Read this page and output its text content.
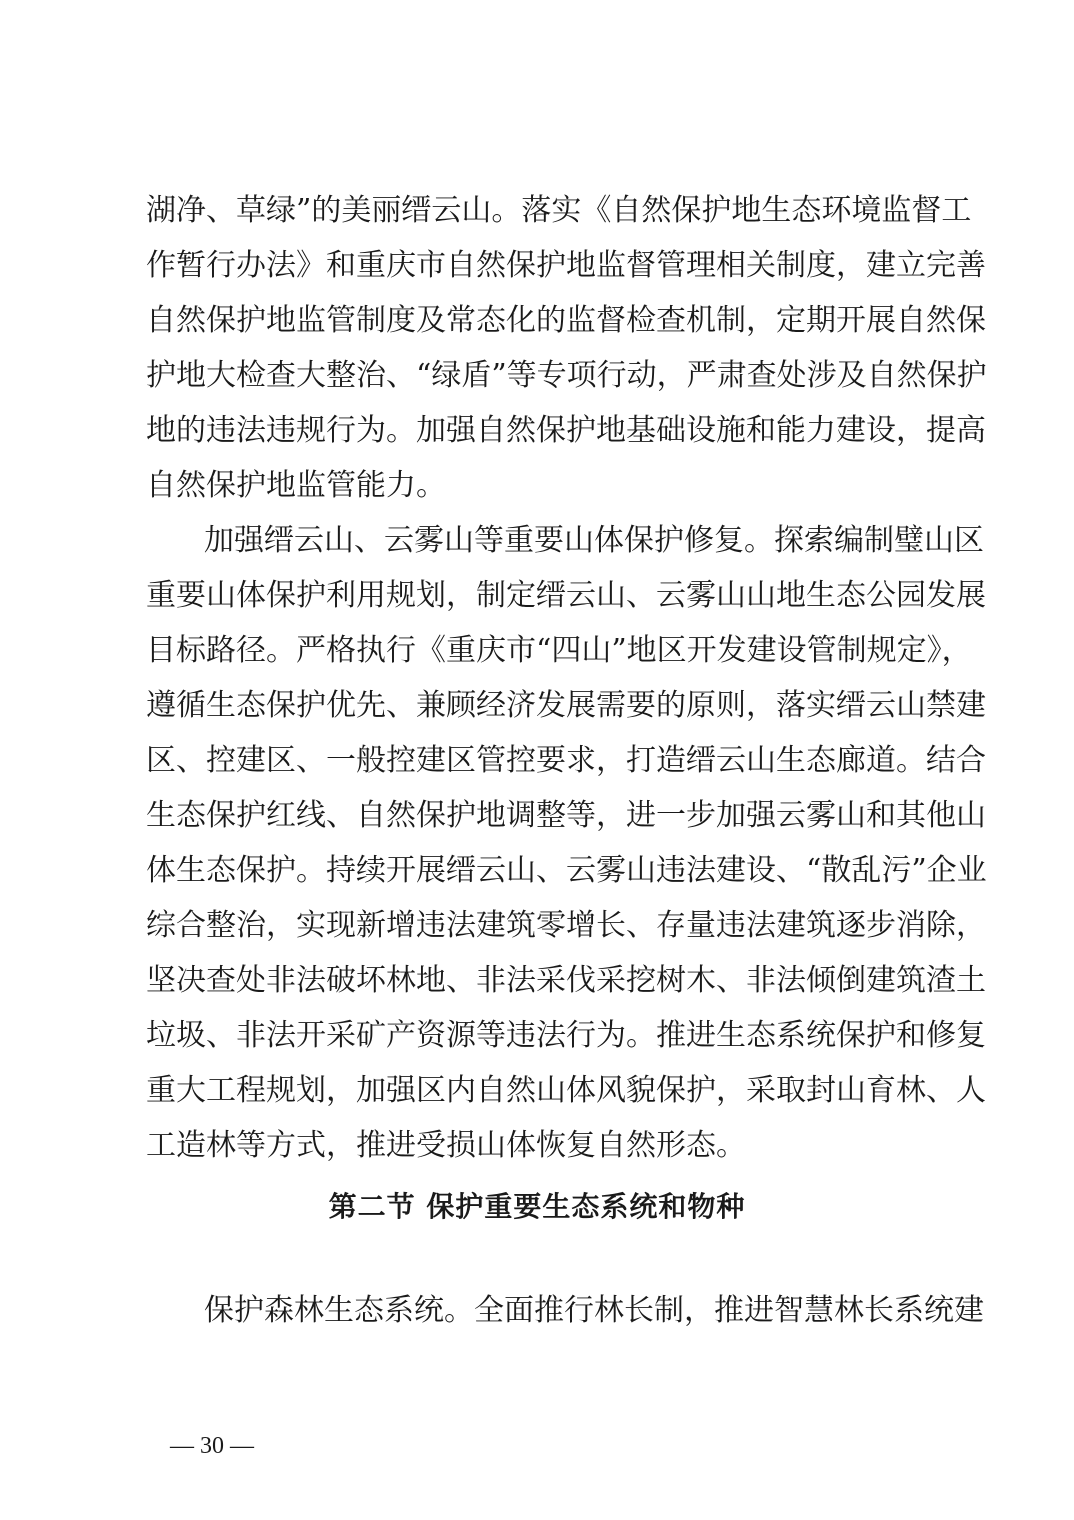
湖净、草绿”的美丽缙云山。落实《自然保护地生态环境监督工
作暂行办法》和重庆市自然保护地监督管理相关制度，建立完善
自然保护地监管制度及常态化的监督检查机制，定期开展自然保
护地大检查大整治、“绿盾”等专项行动，严肃查处涉及自然保护
地的违法违规行为。加强自然保护地基础设施和能力建设，提高
自然保护地监管能力。
加强缙云山、云雾山等重要山体保护修复。探索编制璧山区
重要山体保护利用规划，制定缙云山、云雾山山地生态公园发展
目标路径。严格执行《重庆市“四山”地区开发建设管制规定》，
遵循生态保护优先、兼顾经济发展需要的原则，落实缙云山禁建
区、控建区、一般控建区管控要求，打造缙云山生态廊道。结合
生态保护红线、自然保护地调整等，进一步加强云雾山和其他山
体生态保护。持续开展缙云山、云雾山违法建设、“散乱污”企业
综合整治，实现新增违法建筑零增长、存量违法建筑逐步消除，
坚决查处非法破坏林地、非法采伐采挖树木、非法倾倒建筑渣土
垃圾、非法开采矿产资源等违法行为。推进生态系统保护和修复
重大工程规划，加强区内自然山体风貌保护，采取封山育林、人
工造林等方式，推进受损山体恢复自然形态。
第二节 保护重要生态系统和物种
保护森林生态系统。全面推行林长制，推进智慧林长系统建
— 30 —
